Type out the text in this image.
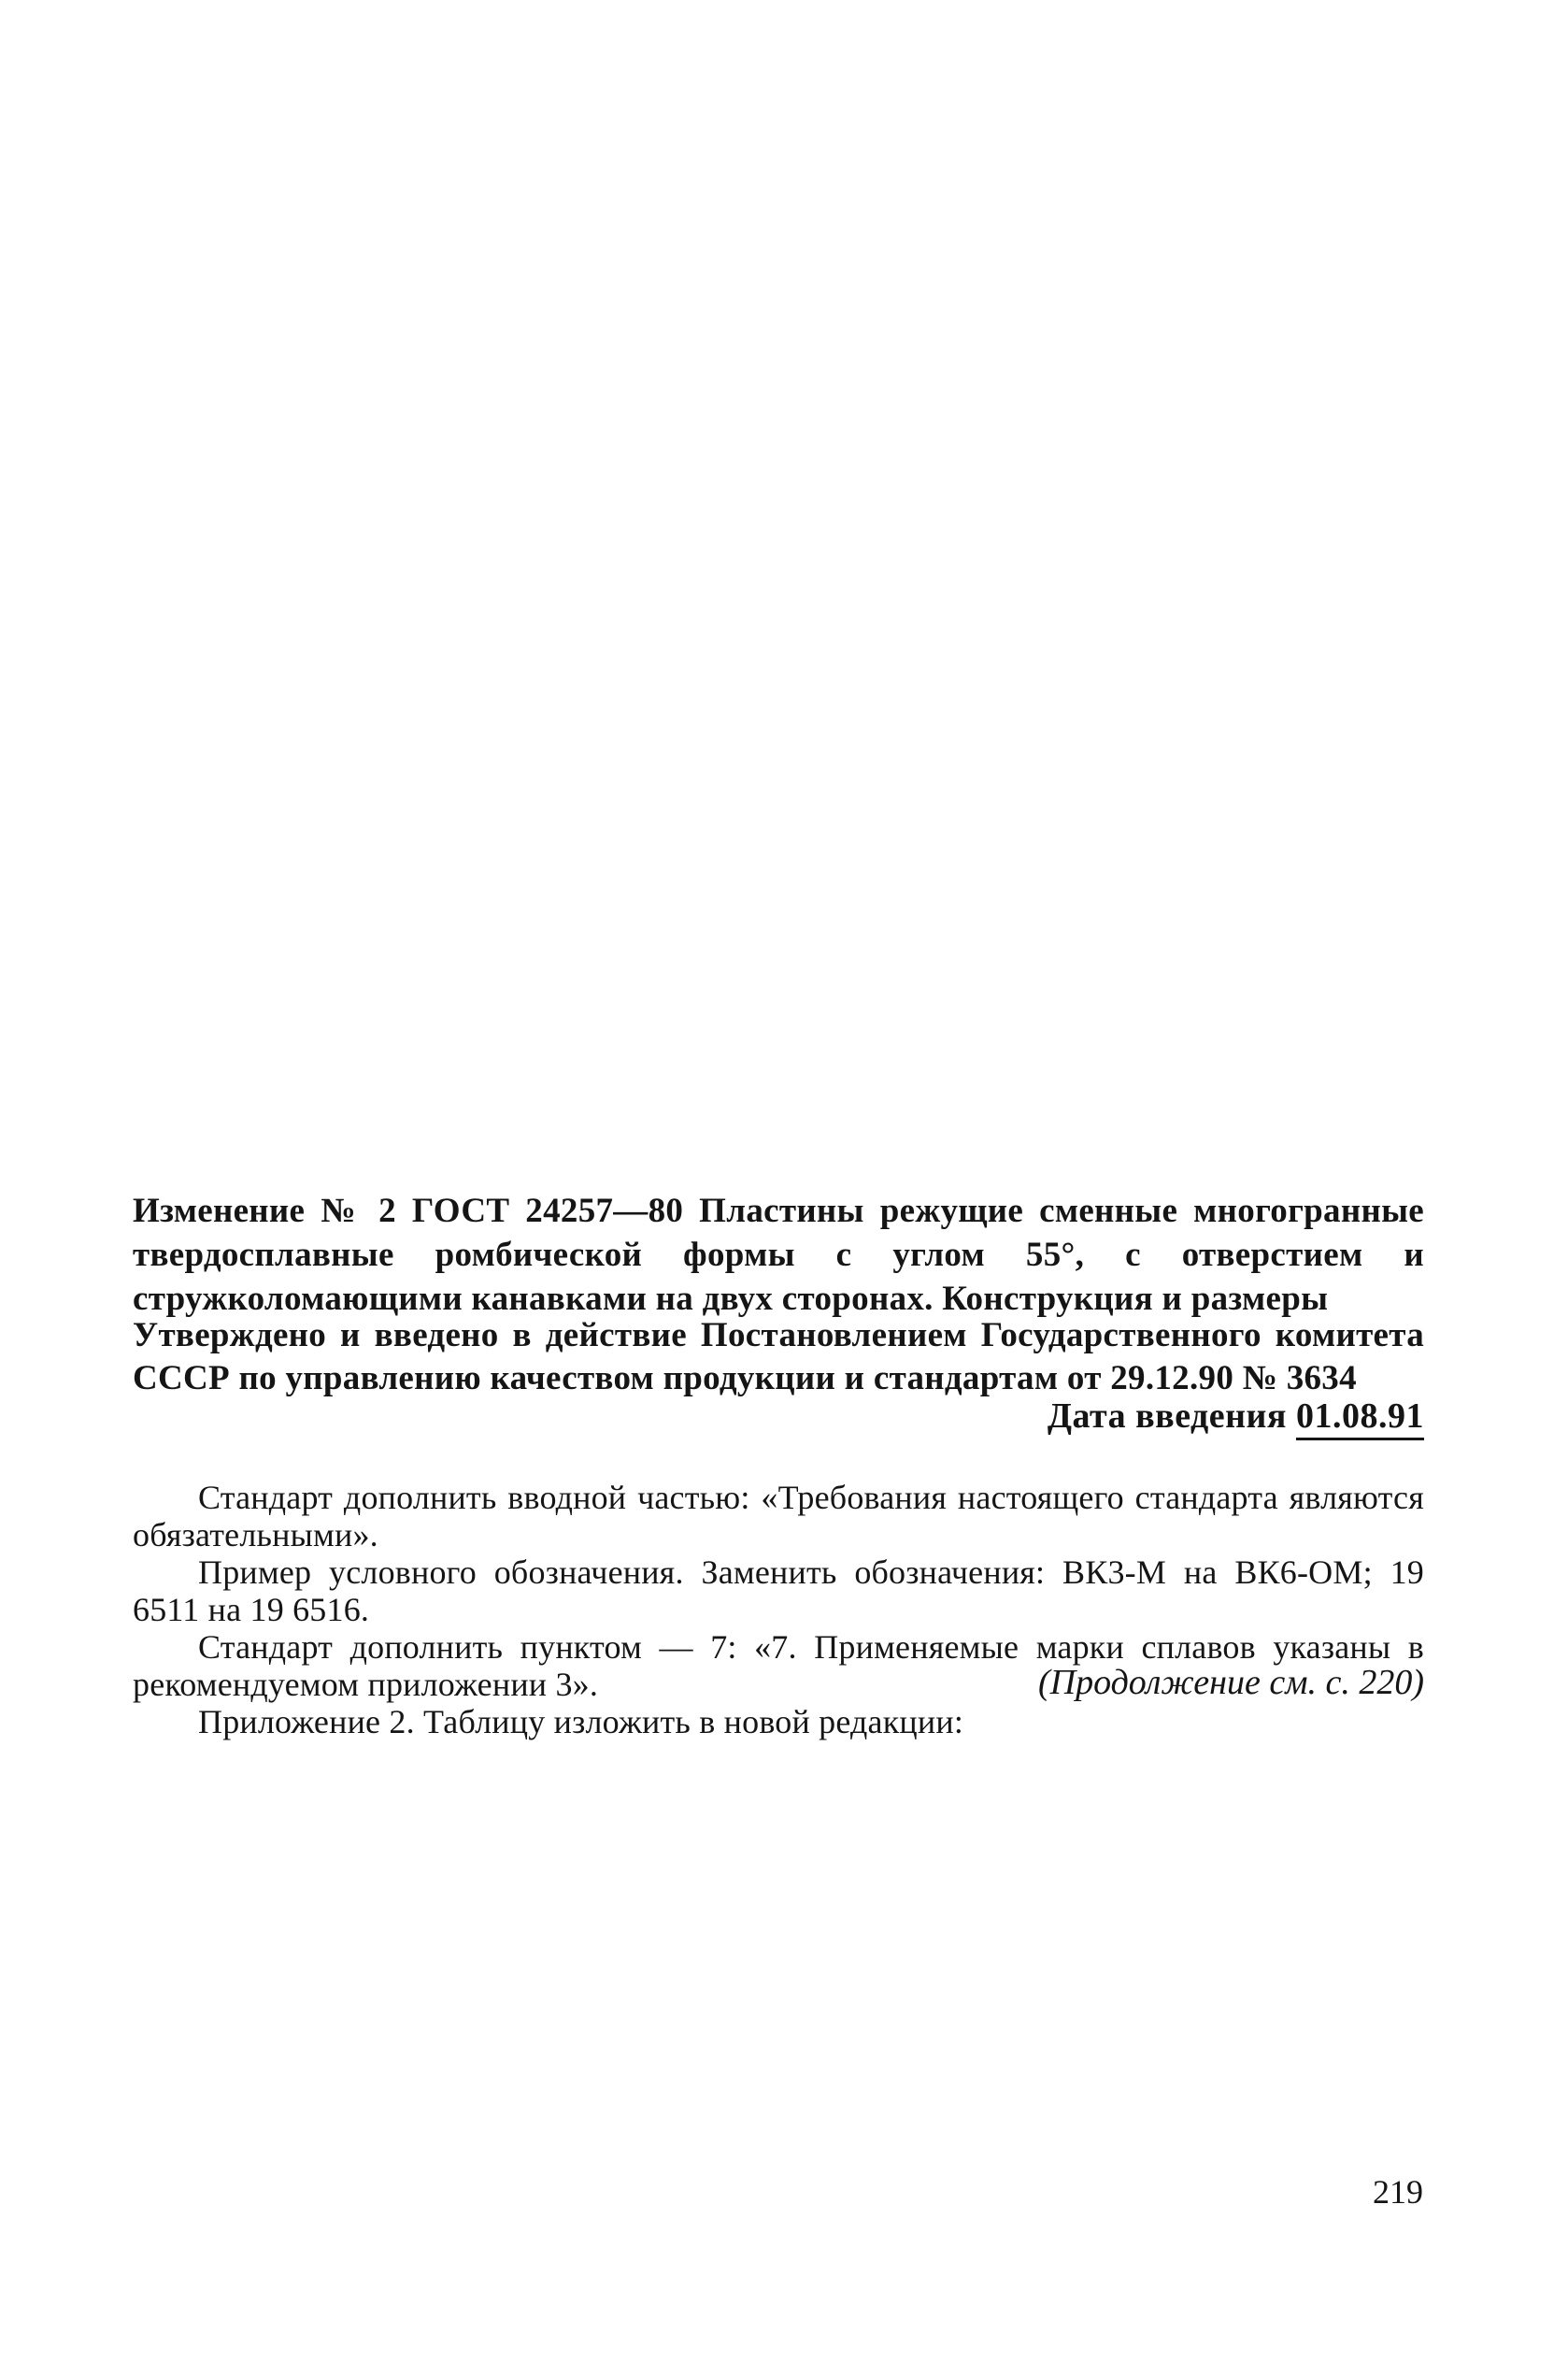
Изменение № 2 ГОСТ 24257—80 Пластины режущие сменные многогранные твердосплавные ромбической формы с углом 55°, с отверстием и стружколомающими канавками на двух сторонах. Конструкция и размеры

Утверждено и введено в действие Постановлением Государственного комитета СССР по управлению качеством продукции и стандартам от 29.12.90 № 3634

Дата введения 01.08.91

Стандарт дополнить вводной частью: «Требования настоящего стандарта являются обязательными».

Пример условного обозначения. Заменить обозначения: ВК3-М на ВК6-ОМ; 19 6511 на 19 6516.

Стандарт дополнить пунктом — 7: «7. Применяемые марки сплавов указаны в рекомендуемом приложении 3».

Приложение 2. Таблицу изложить в новой редакции:

(Продолжение см. с. 220)

219
